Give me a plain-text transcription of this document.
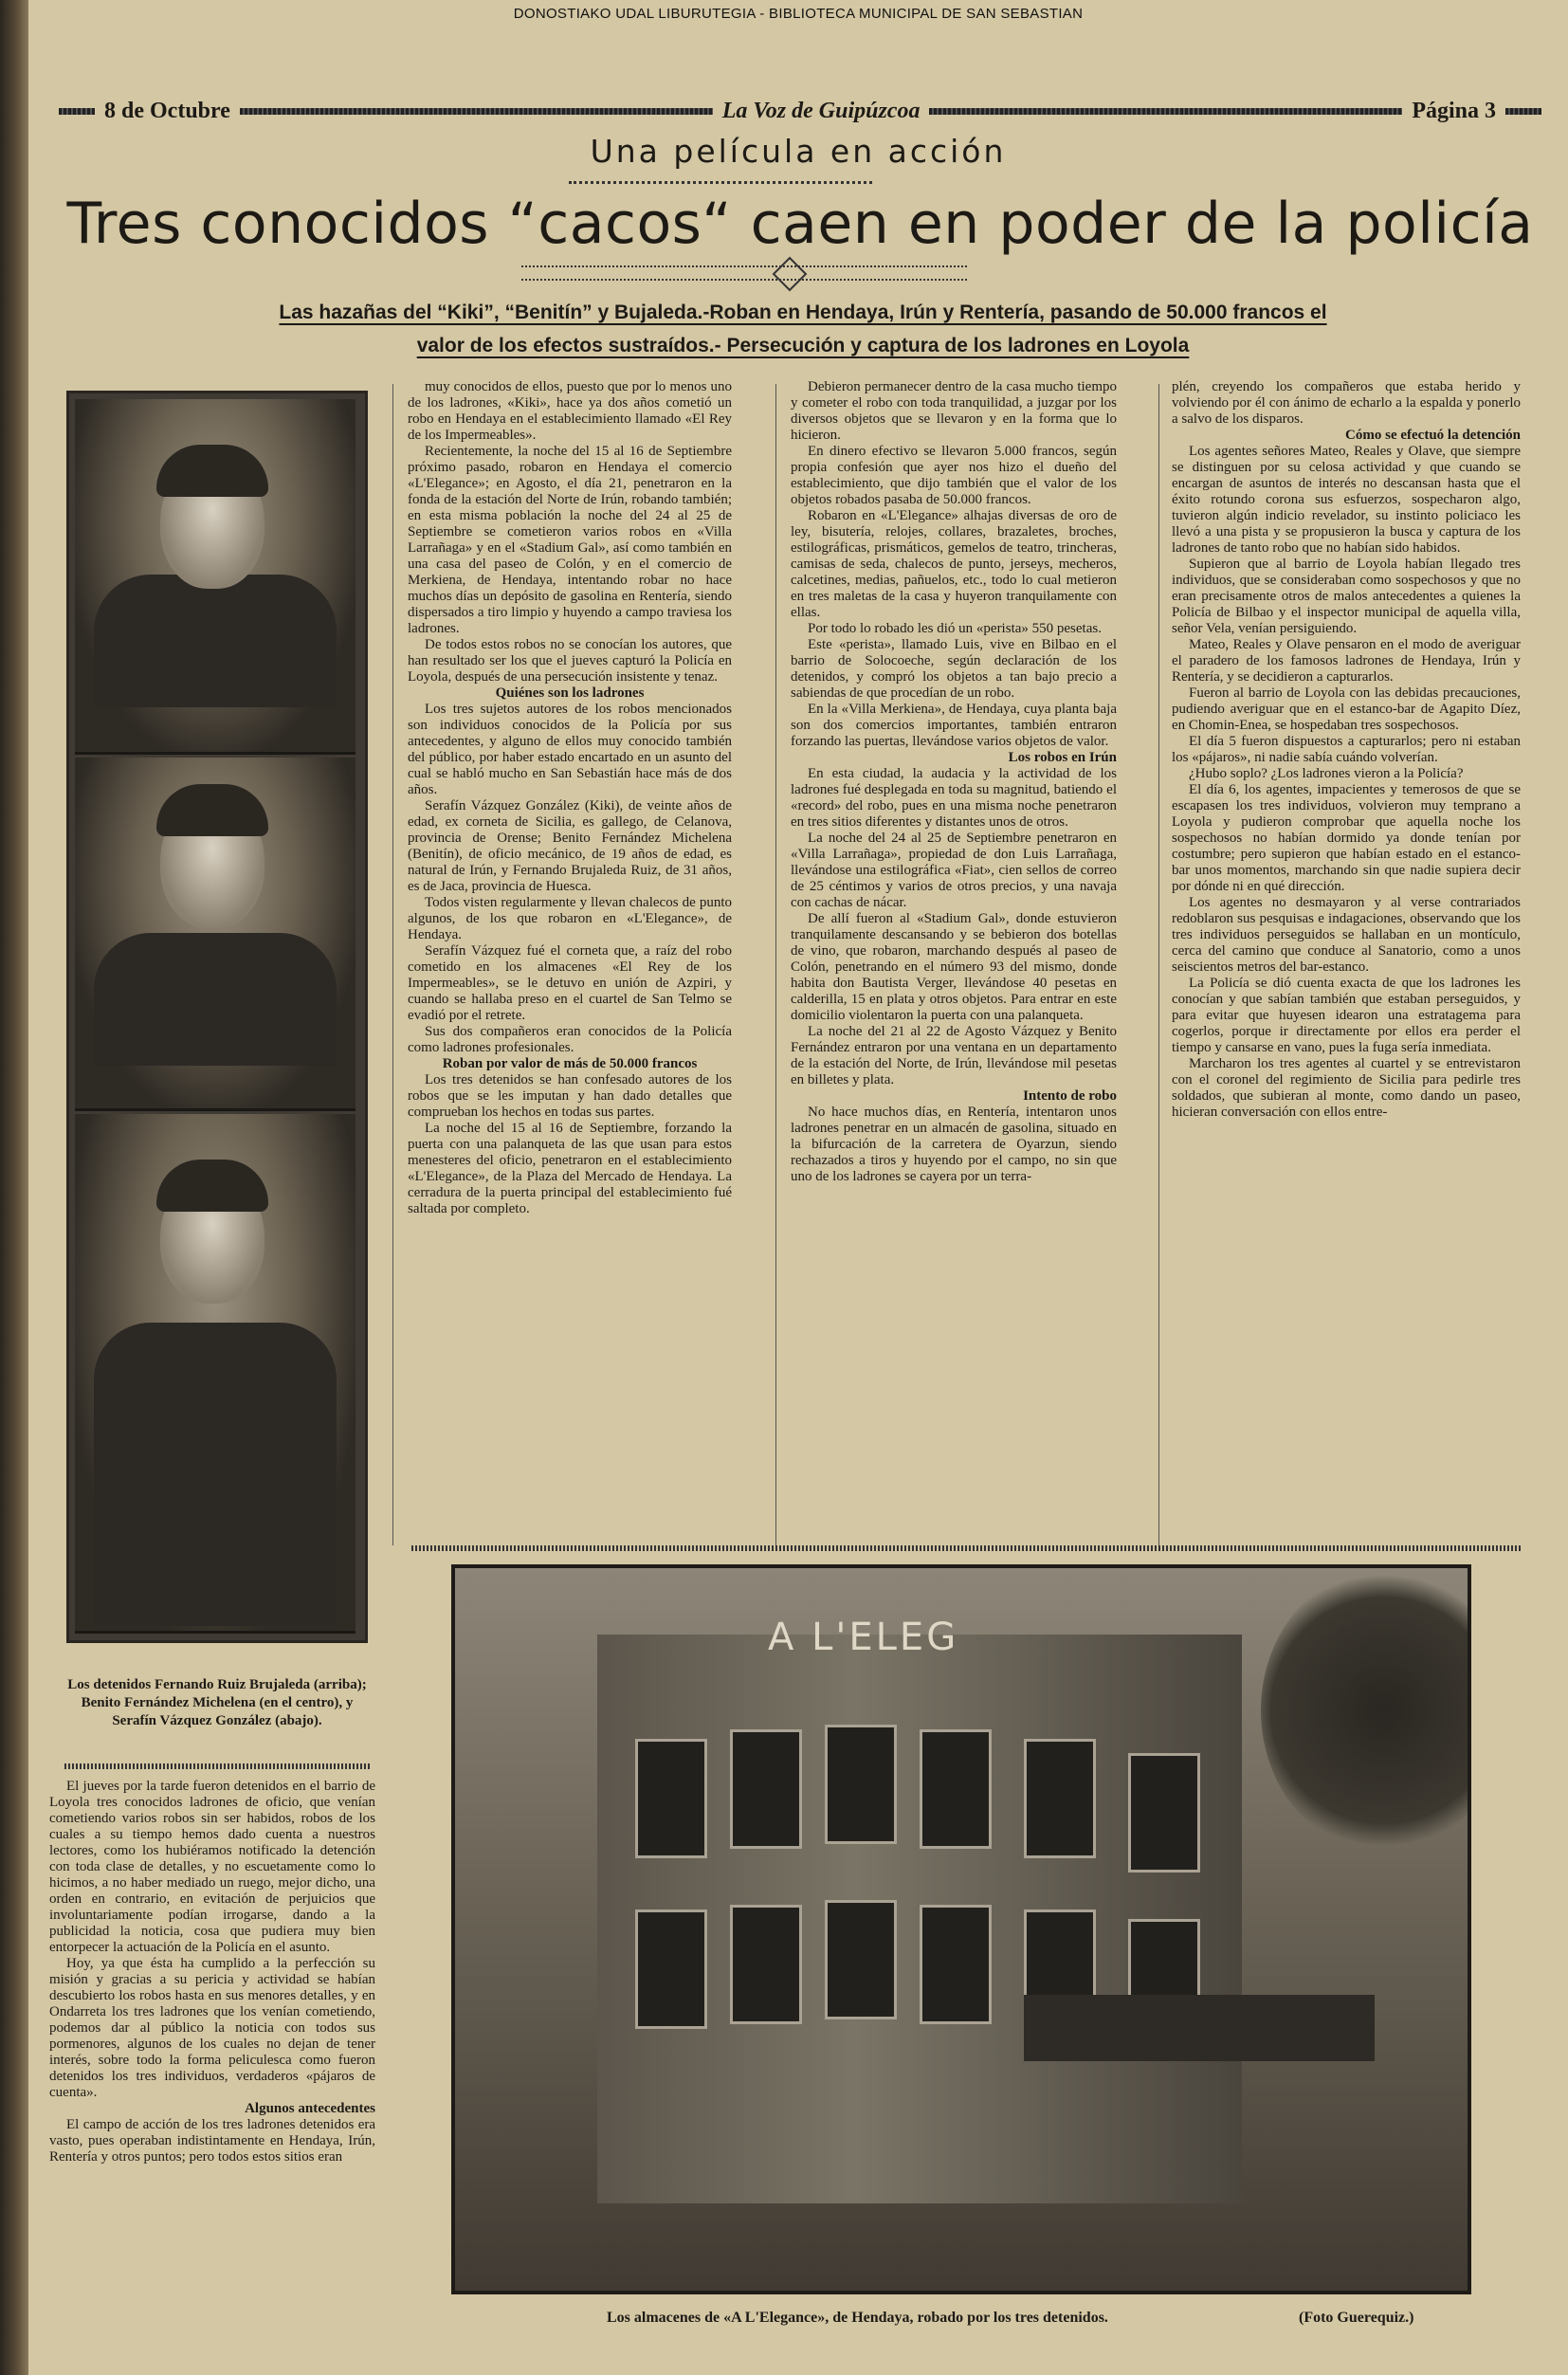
DONOSTIAKO UDAL LIBURUTEGIA - BIBLIOTECA MUNICIPAL DE SAN SEBASTIAN
8 de Octubre	La Voz de Guipúzcoa	Página 3
Una película en acción
Tres conocidos “cacos“ caen en poder de la policía
Las hazañas del “Kiki”, “Benitín” y Bujaleda.-Roban en Hendaya, Irún y Rentería, pasando de 50.000 francos el
valor de los efectos sustraídos.- Persecución y captura de los ladrones en Loyola
Los detenidos Fernando Ruiz Brujaleda (arriba); Benito Fernández Michelena (en el centro), y Serafín Vázquez González (abajo).

El jueves por la tarde fueron detenidos en el barrio de Loyola tres conocidos ladrones de oficio, que venían cometiendo varios robos sin ser habidos, robos de los cuales a su tiempo hemos dado cuenta a nuestros lectores, como los hubiéramos notificado la detención con toda clase de detalles, y no escuetamente como lo hicimos, a no haber mediado un ruego, mejor dicho, una orden en contrario, en evitación de perjuicios que involuntariamente podían irrogarse, dando a la publicidad la noticia, cosa que pudiera muy bien entorpecer la actuación de la Policía en el asunto.

Hoy, ya que ésta ha cumplido a la perfección su misión y gracias a su pericia y actividad se habían descubierto los robos hasta en sus menores detalles, y en Ondarreta los tres ladrones que los venían cometiendo, podemos dar al público la noticia con todos sus pormenores, algunos de los cuales no dejan de tener interés, sobre todo la forma peliculesca como fueron detenidos los tres individuos, verdaderos «pájaros de cuenta».

Algunos antecedentes

El campo de acción de los tres ladrones detenidos era vasto, pues operaban indistintamente en Hendaya, Irún, Rentería y otros puntos; pero todos estos sitios eran

muy conocidos de ellos, puesto que por lo menos uno de los ladrones, «Kiki», hace ya dos años cometió un robo en Hendaya en el establecimiento llamado «El Rey de los Impermeables».

Recientemente, la noche del 15 al 16 de Septiembre próximo pasado, robaron en Hendaya el comercio «L'Elegance»; en Agosto, el día 21, penetraron en la fonda de la estación del Norte de Irún, robando también; en esta misma población la noche del 24 al 25 de Septiembre se cometieron varios robos en «Villa Larrañaga» y en el «Stadium Gal», así como también en una casa del paseo de Colón, y en el comercio de Merkiena, de Hendaya, intentando robar no hace muchos días un depósito de gasolina en Rentería, siendo dispersados a tiro limpio y huyendo a campo traviesa los ladrones.

De todos estos robos no se conocían los autores, que han resultado ser los que el jueves capturó la Policía en Loyola, después de una persecución insistente y tenaz.

Quiénes son los ladrones

Los tres sujetos autores de los robos mencionados son individuos conocidos de la Policía por sus antecedentes, y alguno de ellos muy conocido también del público, por haber estado encartado en un asunto del cual se habló mucho en San Sebastián hace más de dos años.

Serafín Vázquez González (Kiki), de veinte años de edad, ex corneta de Sicilia, es gallego, de Celanova, provincia de Orense; Benito Fernández Michelena (Benitín), de oficio mecánico, de 19 años de edad, es natural de Irún, y Fernando Brujaleda Ruiz, de 31 años, es de Jaca, provincia de Huesca.

Todos visten regularmente y llevan chalecos de punto algunos, de los que robaron en «L'Elegance», de Hendaya.

Serafín Vázquez fué el corneta que, a raíz del robo cometido en los almacenes «El Rey de los Impermeables», se le detuvo en unión de Azpiri, y cuando se hallaba preso en el cuartel de San Telmo se evadió por el retrete.

Sus dos compañeros eran conocidos de la Policía como ladrones profesionales.

Roban por valor de más de 50.000 francos

Los tres detenidos se han confesado autores de los robos que se les imputan y han dado detalles que comprueban los hechos en todas sus partes.

La noche del 15 al 16 de Septiembre, forzando la puerta con una palanqueta de las que usan para estos menesteres del oficio, penetraron en el establecimiento «L'Elegance», de la Plaza del Mercado de Hendaya. La cerradura de la puerta principal del establecimiento fué saltada por completo.

Debieron permanecer dentro de la casa mucho tiempo y cometer el robo con toda tranquilidad, a juzgar por los diversos objetos que se llevaron y en la forma que lo hicieron.

En dinero efectivo se llevaron 5.000 francos, según propia confesión que ayer nos hizo el dueño del establecimiento, que dijo también que el valor de los objetos robados pasaba de 50.000 francos.

Robaron en «L'Elegance» alhajas diversas de oro de ley, bisutería, relojes, collares, brazaletes, broches, estilográficas, prismáticos, gemelos de teatro, trincheras, camisas de seda, chalecos de punto, jerseys, mecheros, calcetines, medias, pañuelos, etc., todo lo cual metieron en tres maletas de la casa y huyeron tranquilamente con ellas.

Por todo lo robado les dió un «perista» 550 pesetas.

Este «perista», llamado Luis, vive en Bilbao en el barrio de Solocoeche, según declaración de los detenidos, y compró los objetos a tan bajo precio a sabiendas de que procedían de un robo.

En la «Villa Merkiena», de Hendaya, cuya planta baja son dos comercios importantes, también entraron forzando las puertas, llevándose varios objetos de valor.

Los robos en Irún

En esta ciudad, la audacia y la actividad de los ladrones fué desplegada en toda su magnitud, batiendo el «record» del robo, pues en una misma noche penetraron en tres sitios diferentes y distantes unos de otros.

La noche del 24 al 25 de Septiembre penetraron en «Villa Larrañaga», propiedad de don Luis Larrañaga, llevándose una estilográfica «Fiat», cien sellos de correo de 25 céntimos y varios de otros precios, y una navaja con cachas de nácar.

De allí fueron al «Stadium Gal», donde estuvieron tranquilamente descansando y se bebieron dos botellas de vino, que robaron, marchando después al paseo de Colón, penetrando en el número 93 del mismo, donde habita don Bautista Verger, llevándose 40 pesetas en calderilla, 15 en plata y otros objetos. Para entrar en este domicilio violentaron la puerta con una palanqueta.

La noche del 21 al 22 de Agosto Vázquez y Benito Fernández entraron por una ventana en un departamento de la estación del Norte, de Irún, llevándose mil pesetas en billetes y plata.

Intento de robo

No hace muchos días, en Rentería, intentaron unos ladrones penetrar en un almacén de gasolina, situado en la bifurcación de la carretera de Oyarzun, siendo rechazados a tiros y huyendo por el campo, no sin que uno de los ladrones se cayera por un terra-

plén, creyendo los compañeros que estaba herido y volviendo por él con ánimo de echarlo a la espalda y ponerlo a salvo de los disparos.

Cómo se efectuó la detención

Los agentes señores Mateo, Reales y Olave, que siempre se distinguen por su celosa actividad y que cuando se encargan de asuntos de interés no descansan hasta que el éxito rotundo corona sus esfuerzos, sospecharon algo, tuvieron algún indicio revelador, su instinto policiaco les llevó a una pista y se propusieron la busca y captura de los ladrones de tanto robo que no habían sido habidos.

Supieron que al barrio de Loyola habían llegado tres individuos, que se consideraban como sospechosos y que no eran precisamente otros de malos antecedentes a quienes la Policía de Bilbao y el inspector municipal de aquella villa, señor Vela, venían persiguiendo.

Mateo, Reales y Olave pensaron en el modo de averiguar el paradero de los famosos ladrones de Hendaya, Irún y Rentería, y se decidieron a capturarlos.

Fueron al barrio de Loyola con las debidas precauciones, pudiendo averiguar que en el estanco-bar de Agapito Díez, en Chomin-Enea, se hospedaban tres sospechosos.

El día 5 fueron dispuestos a capturarlos; pero ni estaban los «pájaros», ni nadie sabía cuándo volverían.

¿Hubo soplo? ¿Los ladrones vieron a la Policía?

El día 6, los agentes, impacientes y temerosos de que se escapasen los tres individuos, volvieron muy temprano a Loyola y pudieron comprobar que aquella noche los sospechosos no habían dormido ya donde tenían por costumbre; pero supieron que habían estado en el estanco-bar unos momentos, marchando sin que nadie supiera decir por dónde ni en qué dirección.

Los agentes no desmayaron y al verse contrariados redoblaron sus pesquisas e indagaciones, observando que los tres individuos perseguidos se hallaban en un montículo, cerca del camino que conduce al Sanatorio, como a unos seiscientos metros del bar-estanco.

La Policía se dió cuenta exacta de que los ladrones les conocían y que sabían también que estaban perseguidos, y para evitar que huyesen idearon una estratagema para cogerlos, porque ir directamente por ellos era perder el tiempo y cansarse en vano, pues la fuga sería inmediata.

Marcharon los tres agentes al cuartel y se entrevistaron con el coronel del regimiento de Sicilia para pedirle tres soldados, que subieran al monte, como dando un paseo, hicieran conversación con ellos entre-

A L'ELEG
Los almacenes de «A L'Elegance», de Hendaya, robado por los tres detenidos.	(Foto Guerequiz.)
